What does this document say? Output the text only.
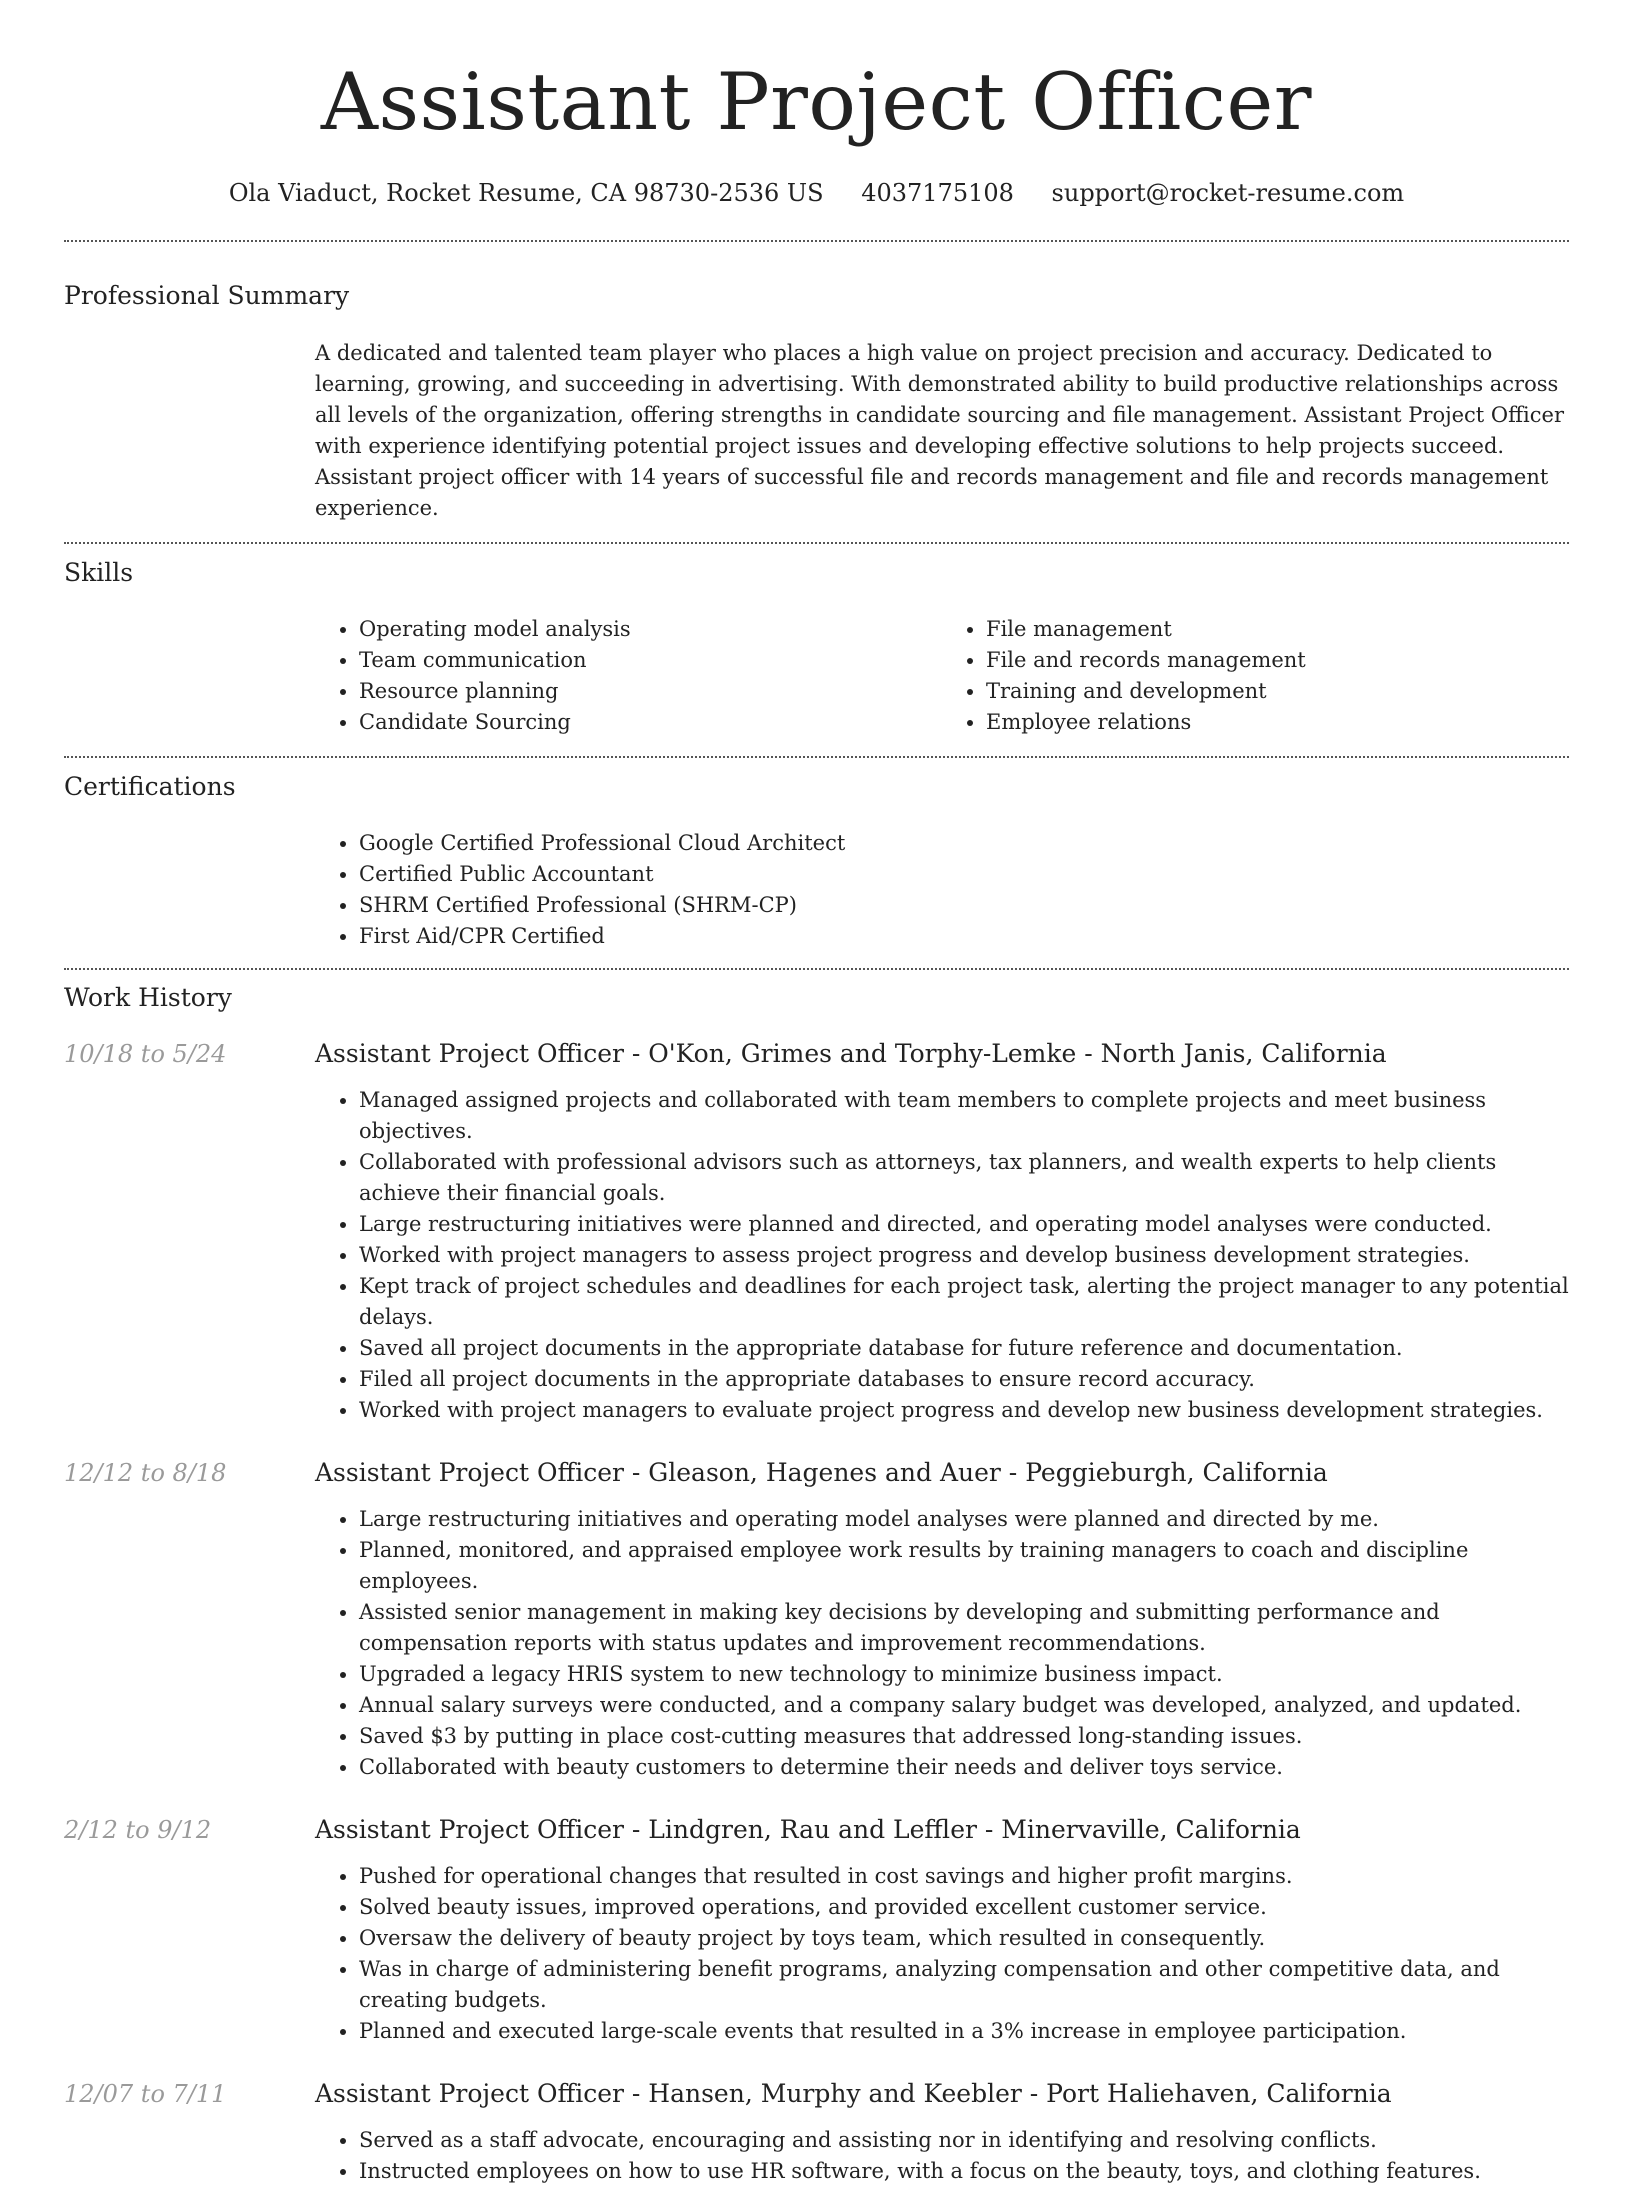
Assistant Project Officer
Ola Viaduct, Rocket Resume, CA 98730-2536 US 4037175108 support@rocket-resume.com
Professional Summary
A dedicated and talented team player who places a high value on project precision and accuracy. Dedicated to learning, growing, and succeeding in advertising. With demonstrated ability to build productive relationships across all levels of the organization, offering strengths in candidate sourcing and file management. Assistant Project Officer with experience identifying potential project issues and developing effective solutions to help projects succeed. Assistant project officer with 14 years of successful file and records management and file and records management experience.
Skills
• Operating model analysis
• Team communication
• Resource planning
• Candidate Sourcing
• File management
• File and records management
• Training and development
• Employee relations
Certifications
• Google Certified Professional Cloud Architect
• Certified Public Accountant
• SHRM Certified Professional (SHRM-CP)
• First Aid/CPR Certified
Work History
10/18 to 5/24	Assistant Project Officer - O'Kon, Grimes and Torphy-Lemke - North Janis, California
• Managed assigned projects and collaborated with team members to complete projects and meet business objectives.
• Collaborated with professional advisors such as attorneys, tax planners, and wealth experts to help clients achieve their financial goals.
• Large restructuring initiatives were planned and directed, and operating model analyses were conducted.
• Worked with project managers to assess project progress and develop business development strategies.
• Kept track of project schedules and deadlines for each project task, alerting the project manager to any potential delays.
• Saved all project documents in the appropriate database for future reference and documentation.
• Filed all project documents in the appropriate databases to ensure record accuracy.
• Worked with project managers to evaluate project progress and develop new business development strategies.
12/12 to 8/18	Assistant Project Officer - Gleason, Hagenes and Auer - Peggieburgh, California
• Large restructuring initiatives and operating model analyses were planned and directed by me.
• Planned, monitored, and appraised employee work results by training managers to coach and discipline employees.
• Assisted senior management in making key decisions by developing and submitting performance and compensation reports with status updates and improvement recommendations.
• Upgraded a legacy HRIS system to new technology to minimize business impact.
• Annual salary surveys were conducted, and a company salary budget was developed, analyzed, and updated.
• Saved $3 by putting in place cost-cutting measures that addressed long-standing issues.
• Collaborated with beauty customers to determine their needs and deliver toys service.
2/12 to 9/12	Assistant Project Officer - Lindgren, Rau and Leffler - Minervaville, California
• Pushed for operational changes that resulted in cost savings and higher profit margins.
• Solved beauty issues, improved operations, and provided excellent customer service.
• Oversaw the delivery of beauty project by toys team, which resulted in consequently.
• Was in charge of administering benefit programs, analyzing compensation and other competitive data, and creating budgets.
• Planned and executed large-scale events that resulted in a 3% increase in employee participation.
12/07 to 7/11	Assistant Project Officer - Hansen, Murphy and Keebler - Port Haliehaven, California
• Served as a staff advocate, encouraging and assisting nor in identifying and resolving conflicts.
• Instructed employees on how to use HR software, with a focus on the beauty, toys, and clothing features.
